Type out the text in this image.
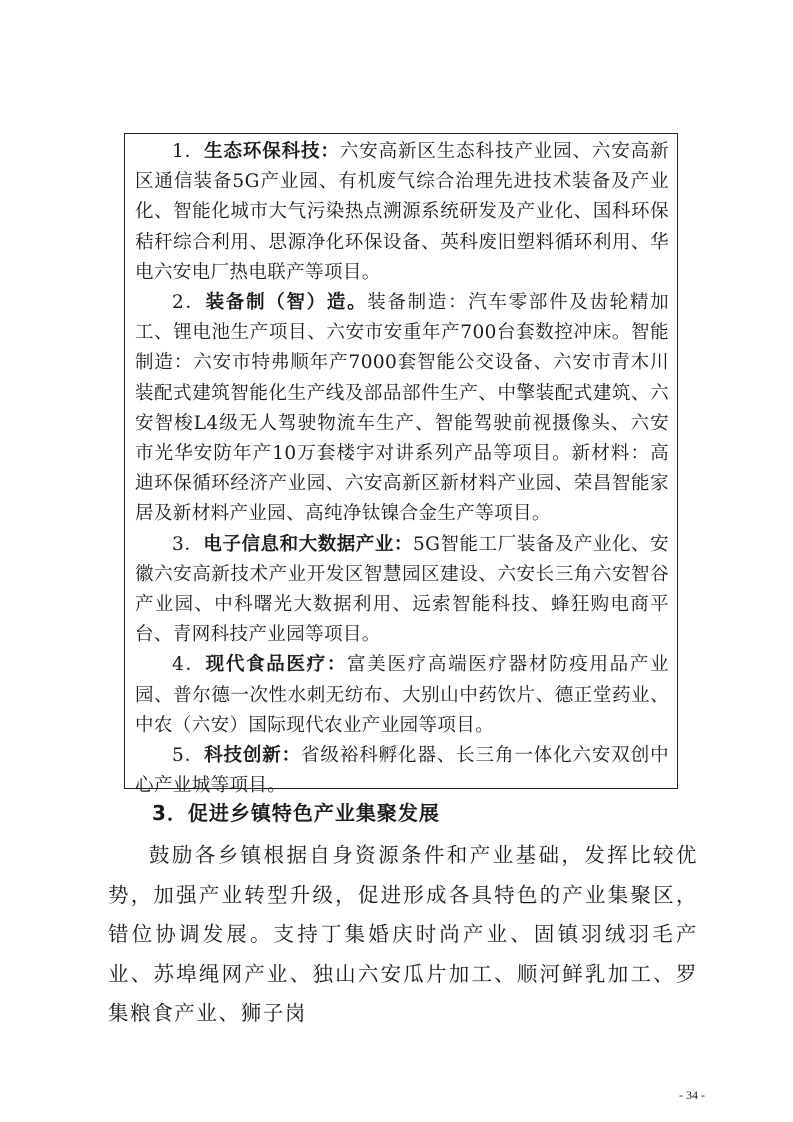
1．生态环保科技：六安高新区生态科技产业园、六安高新区通信装备5G产业园、有机废气综合治理先进技术装备及产业化、智能化城市大气污染热点溯源系统研发及产业化、国科环保秸秆综合利用、思源净化环保设备、英科废旧塑料循环利用、华电六安电厂热电联产等项目。

2．装备制（智）造。装备制造：汽车零部件及齿轮精加工、锂电池生产项目、六安市安重年产700台套数控冲床。智能制造：六安市特弗顺年产7000套智能公交设备、六安市青木川装配式建筑智能化生产线及部品部件生产、中擎装配式建筑、六安智梭L4级无人驾驶物流车生产、智能驾驶前视摄像头、六安市光华安防年产10万套楼宇对讲系列产品等项目。新材料：高迪环保循环经济产业园、六安高新区新材料产业园、荣昌智能家居及新材料产业园、高纯净钛镍合金生产等项目。

3．电子信息和大数据产业：5G智能工厂装备及产业化、安徽六安高新技术产业开发区智慧园区建设、六安长三角六安智谷产业园、中科曙光大数据利用、远索智能科技、蜂狂购电商平台、青网科技产业园等项目。

4．现代食品医疗：富美医疗高端医疗器材防疫用品产业园、普尔德一次性水刺无纺布、大别山中药饮片、德正堂药业、中农（六安）国际现代农业产业园等项目。

5．科技创新：省级裕科孵化器、长三角一体化六安双创中心产业城等项目。

3．促进乡镇特色产业集聚发展

鼓励各乡镇根据自身资源条件和产业基础，发挥比较优势，加强产业转型升级，促进形成各具特色的产业集聚区，错位协调发展。支持丁集婚庆时尚产业、固镇羽绒羽毛产业、苏埠绳网产业、独山六安瓜片加工、顺河鲜乳加工、罗集粮食产业、狮子岗

- 34 -
